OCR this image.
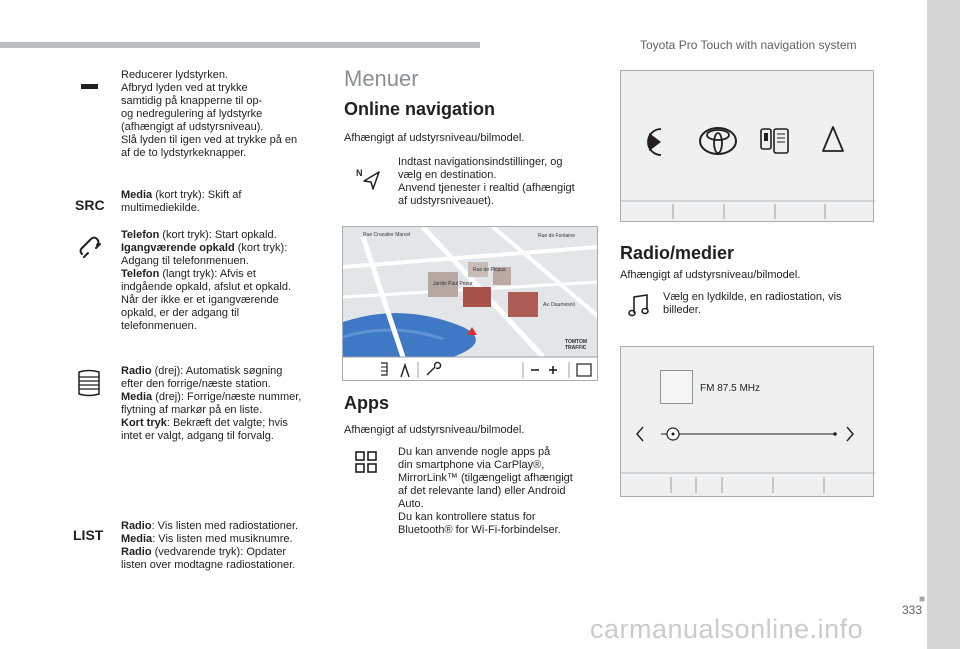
Toyota Pro Touch with navigation system
■
333
carmanualsonline.info
Reducerer lydstyrken.
Afbryd lyden ved at trykke
samtidig på knapperne til op-
og nedregulering af lydstyrke
(afhængigt af udstyrsniveau).
Slå lyden til igen ved at trykke på en
af de to lydstyrkeknapper.
SRC
Media (kort tryk): Skift af
multimediekilde.
Telefon (kort tryk): Start opkald.
Igangværende opkald (kort tryk):
Adgang til telefonmenuen.
Telefon (langt tryk): Afvis et
indgående opkald, afslut et opkald.
Når der ikke er et igangværende
opkald, er der adgang til
telefonmenuen.
Radio (drej): Automatisk søgning
efter den forrige/næste station.
Media (drej): Forrige/næste nummer,
flytning af markør på en liste.
Kort tryk: Bekræft det valgte; hvis
intet er valgt, adgang til forvalg.
LIST
Radio: Vis listen med radiostationer.
Media: Vis listen med musiknumre.
Radio (vedvarende tryk): Opdater
listen over modtagne radiostationer.
Menuer
Online navigation
Afhængigt af udstyrsniveau/bilmodel.
N
Indtast navigationsindstillinger, og
vælg en destination.
Anvend tjenester i realtid (afhængigt
af udstyrsniveauet).
Rue Crozatier Marcel	Rue de Fontaine
Jardin Paul Prieur
Rue de Picpus
Av. Daumesnil
TOMTOM TRAFFIC
Apps
Afhængigt af udstyrsniveau/bilmodel.
Du kan anvende nogle apps på
din smartphone via CarPlay®,
MirrorLink™ (tilgængeligt afhængigt
af det relevante land) eller Android
Auto.
Du kan kontrollere status for
Bluetooth® for Wi-Fi-forbindelser.
Radio/medier
Afhængigt af udstyrsniveau/bilmodel.
Vælg en lydkilde, en radiostation, vis
billeder.
FM 87.5 MHz
